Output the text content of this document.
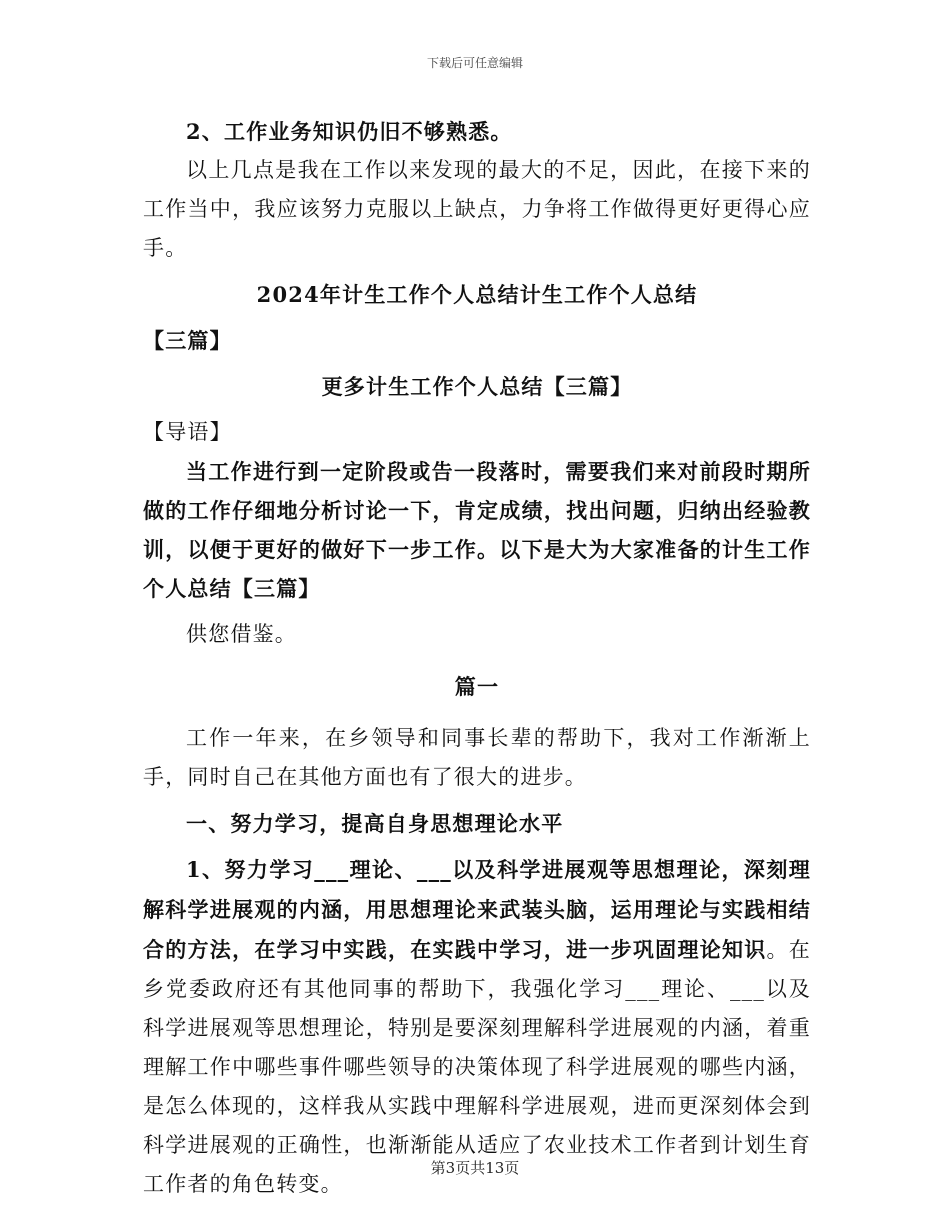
下载后可任意编辑

2、工作业务知识仍旧不够熟悉。

以上几点是我在工作以来发现的最大的不足，因此，在接下来的工作当中，我应该努力克服以上缺点，力争将工作做得更好更得心应手。

2024年计生工作个人总结计生工作个人总结

【三篇】

更多计生工作个人总结【三篇】

【导语】

当工作进行到一定阶段或告一段落时，需要我们来对前段时期所做的工作仔细地分析讨论一下，肯定成绩，找出问题，归纳出经验教训，以便于更好的做好下一步工作。以下是大为大家准备的计生工作个人总结【三篇】

供您借鉴。

篇一

工作一年来，在乡领导和同事长辈的帮助下，我对工作渐渐上手，同时自己在其他方面也有了很大的进步。

一、努力学习，提高自身思想理论水平

1、努力学习___理论、___以及科学进展观等思想理论，深刻理解科学进展观的内涵，用思想理论来武装头脑，运用理论与实践相结合的方法，在学习中实践，在实践中学习，进一步巩固理论知识。在乡党委政府还有其他同事的帮助下，我强化学习___理论、___以及科学进展观等思想理论，特别是要深刻理解科学进展观的内涵，着重理解工作中哪些事件哪些领导的决策体现了科学进展观的哪些内涵，是怎么体现的，这样我从实践中理解科学进展观，进而更深刻体会到科学进展观的正确性，也渐渐能从适应了农业技术工作者到计划生育工作者的角色转变。

第3页共13页
